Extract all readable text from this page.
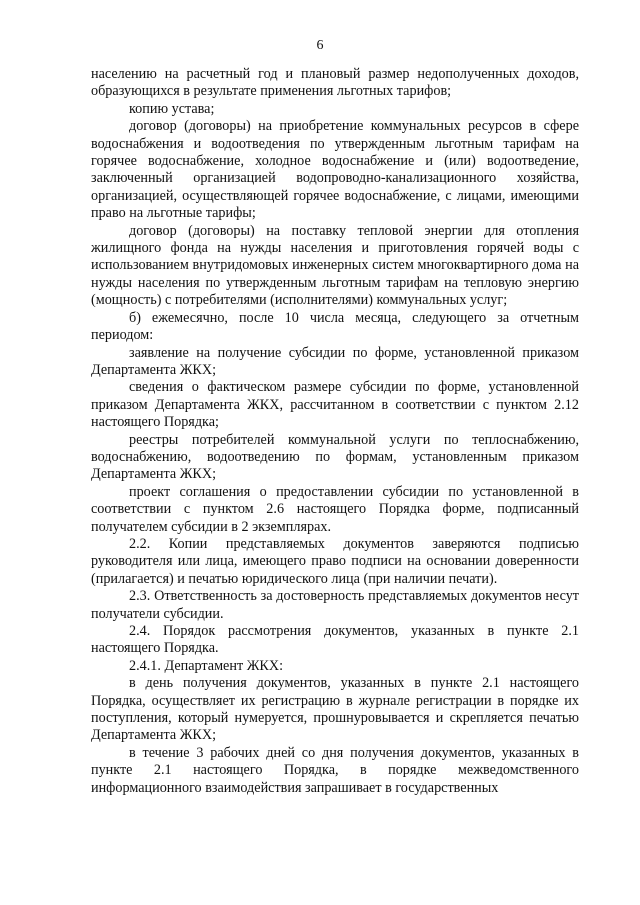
6

населению на расчетный год и плановый размер недополученных доходов, образующихся в результате применения льготных тарифов;

копию устава;

договор (договоры) на приобретение коммунальных ресурсов в сфере водоснабжения и водоотведения по утвержденным льготным тарифам на горячее водоснабжение, холодное водоснабжение и (или) водоотведение, заключенный организацией водопроводно-канализационного хозяйства, организацией, осуществляющей горячее водоснабжение, с лицами, имеющими право на льготные тарифы;

договор (договоры) на поставку тепловой энергии для отопления жилищного фонда на нужды населения и приготовления горячей воды с использованием внутридомовых инженерных систем многоквартирного дома на нужды населения по утвержденным льготным тарифам на тепловую энергию (мощность) с потребителями (исполнителями) коммунальных услуг;

б) ежемесячно, после 10 числа месяца, следующего за отчетным периодом:

заявление на получение субсидии по форме, установленной приказом Департамента ЖКХ;

сведения о фактическом размере субсидии по форме, установленной приказом Департамента ЖКХ, рассчитанном в соответствии с пунктом 2.12 настоящего Порядка;

реестры потребителей коммунальной услуги по теплоснабжению, водоснабжению, водоотведению по формам, установленным приказом Департамента ЖКХ;

проект соглашения о предоставлении субсидии по установленной в соответствии с пунктом 2.6 настоящего Порядка форме, подписанный получателем субсидии в 2 экземплярах.

2.2. Копии представляемых документов заверяются подписью руководителя или лица, имеющего право подписи на основании доверенности (прилагается) и печатью юридического лица (при наличии печати).

2.3. Ответственность за достоверность представляемых документов несут получатели субсидии.

2.4. Порядок рассмотрения документов, указанных в пункте 2.1 настоящего Порядка.

2.4.1. Департамент ЖКХ:

в день получения документов, указанных в пункте 2.1 настоящего Порядка, осуществляет их регистрацию в журнале регистрации в порядке их поступления, который нумеруется, прошнуровывается и скрепляется печатью Департамента ЖКХ;

в течение 3 рабочих дней со дня получения документов, указанных в пункте 2.1 настоящего Порядка, в порядке межведомственного информационного взаимодействия запрашивает в государственных
